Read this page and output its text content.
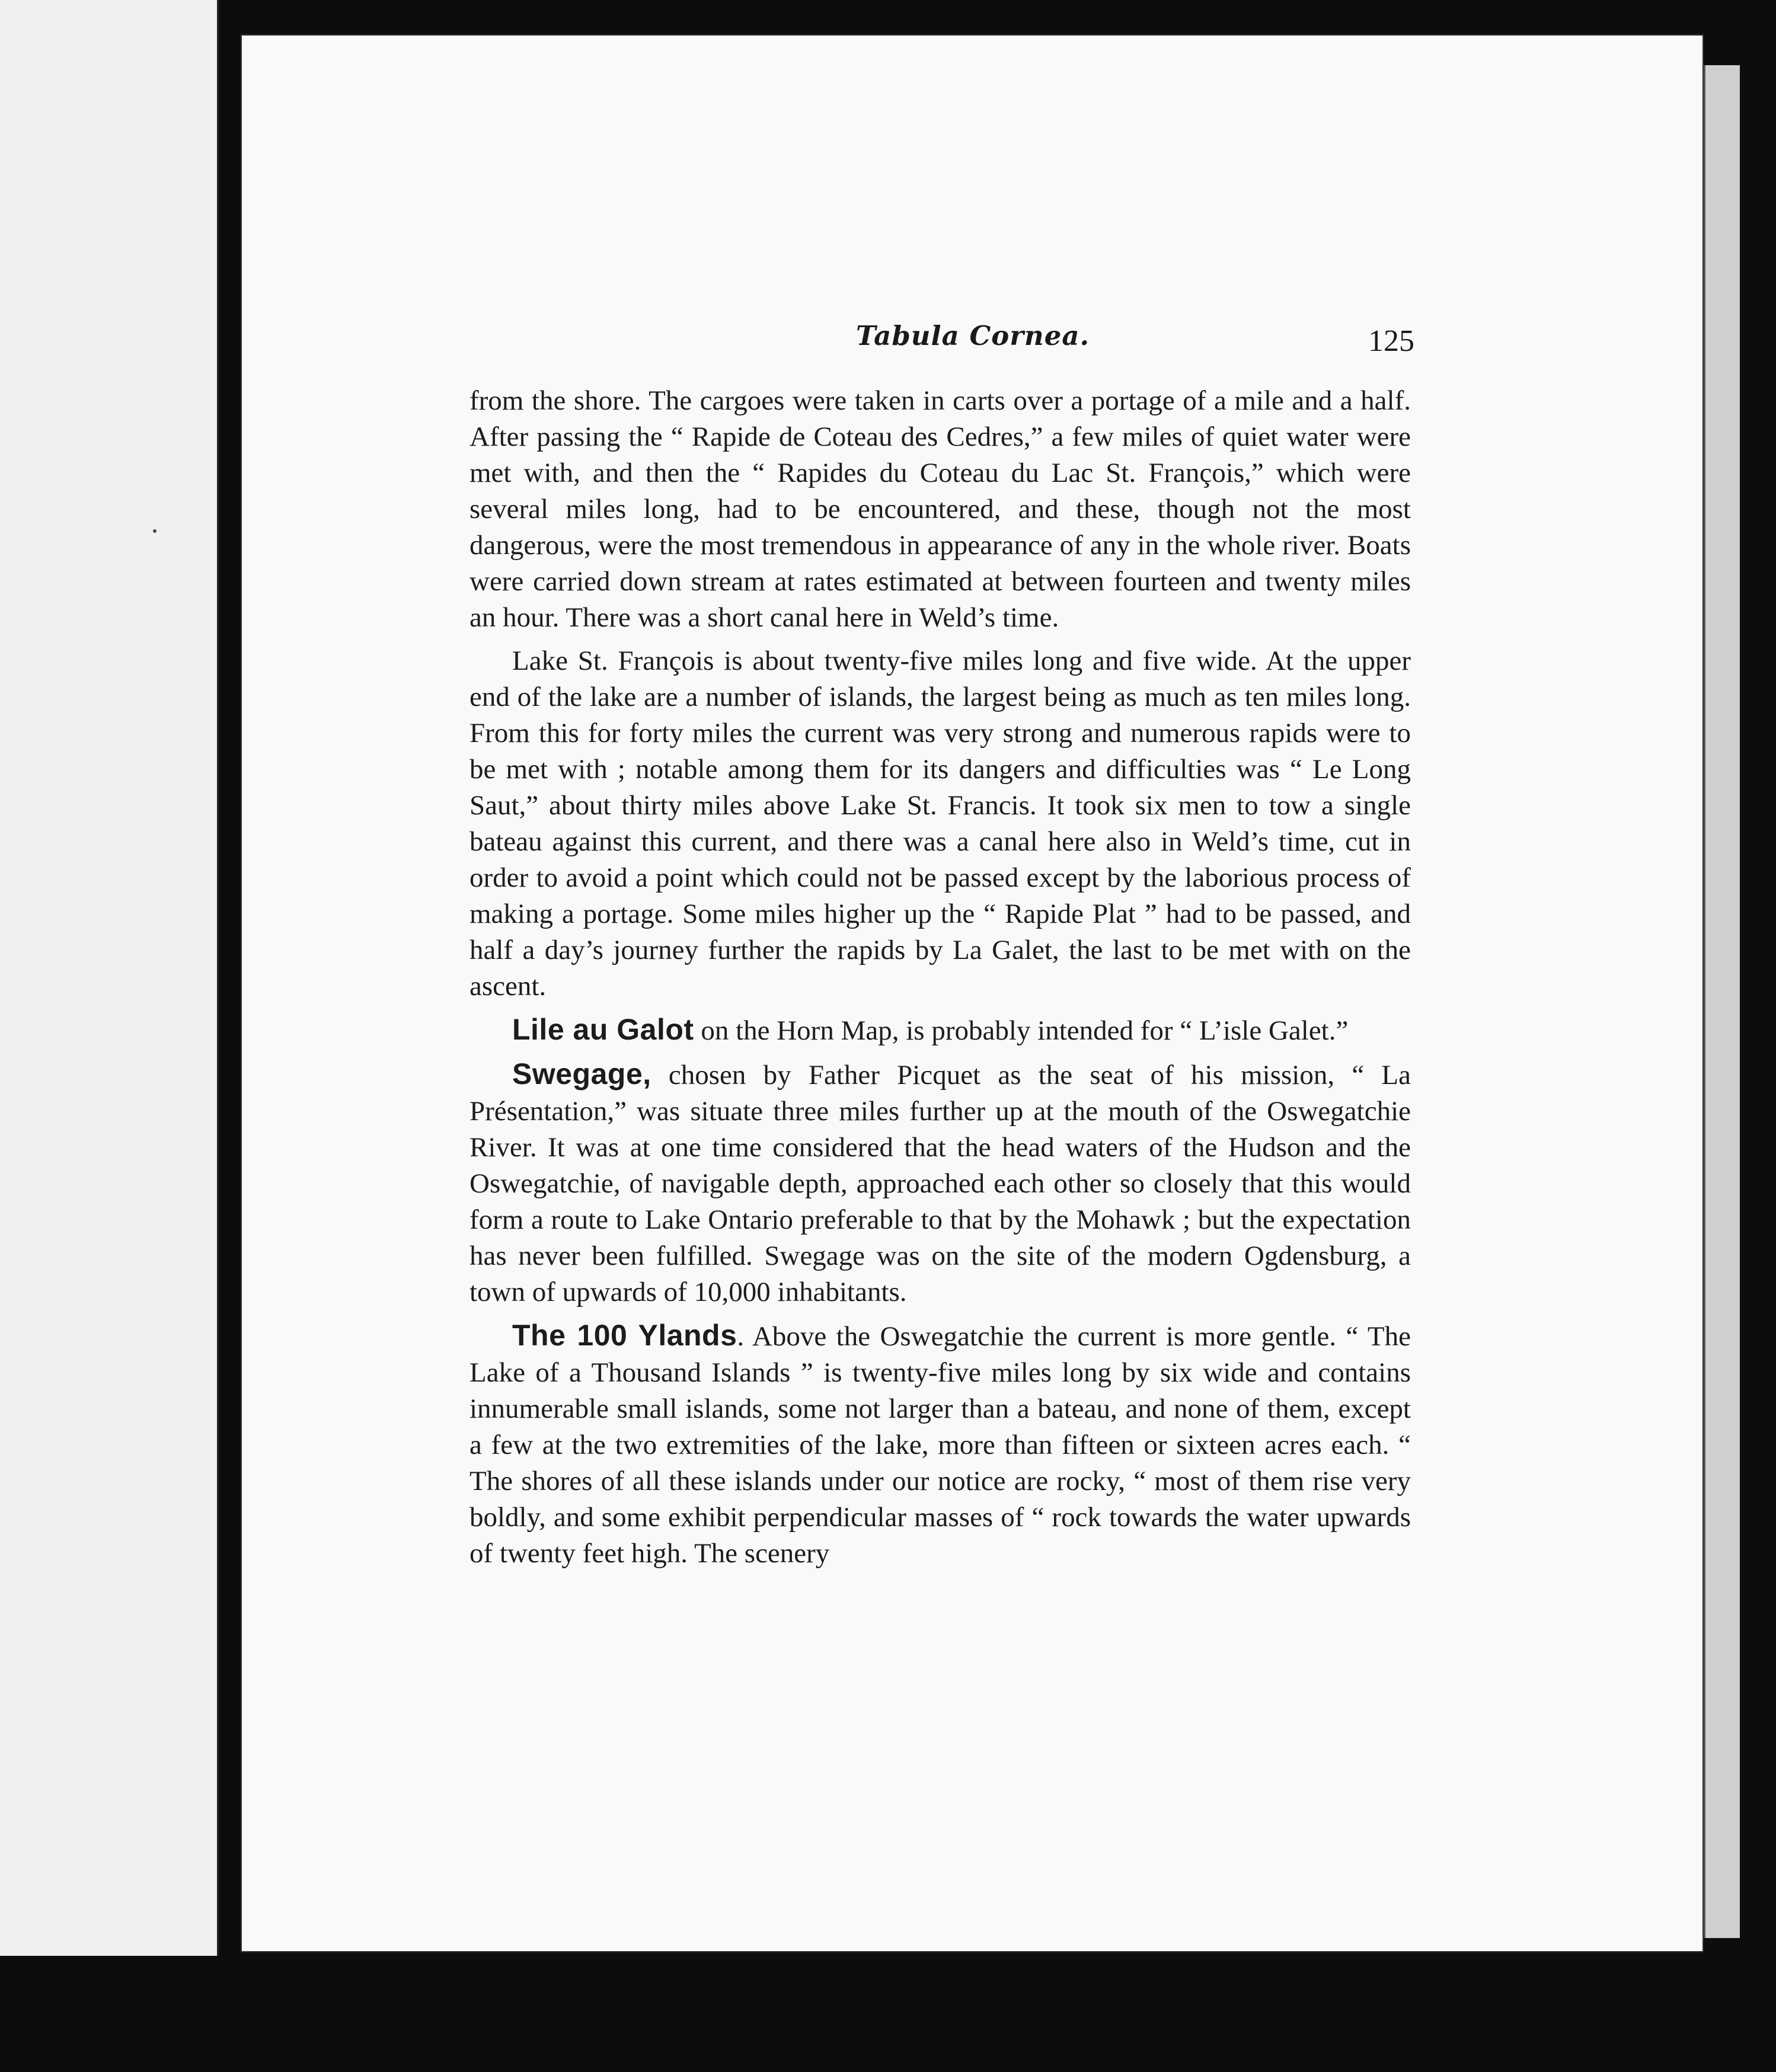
Tabula Cornea.	125

from the shore. The cargoes were taken in carts over a portage of a mile and a half. After passing the “ Rapide de Coteau des Cedres,” a few miles of quiet water were met with, and then the “ Rapides du Coteau du Lac St. François,” which were several miles long, had to be encountered, and these, though not the most dangerous, were the most tremendous in appearance of any in the whole river. Boats were carried down stream at rates estimated at between fourteen and twenty miles an hour. There was a short canal here in Weld’s time.

Lake St. François is about twenty-five miles long and five wide. At the upper end of the lake are a number of islands, the largest being as much as ten miles long. From this for forty miles the current was very strong and numerous rapids were to be met with ; notable among them for its dangers and difficulties was “ Le Long Saut,” about thirty miles above Lake St. Francis. It took six men to tow a single bateau against this current, and there was a canal here also in Weld’s time, cut in order to avoid a point which could not be passed except by the laborious process of making a portage. Some miles higher up the “ Rapide Plat ” had to be passed, and half a day’s journey further the rapids by La Galet, the last to be met with on the ascent.

Lile au Galot on the Horn Map, is probably intended for “ L’isle Galet.”

Swegage, chosen by Father Picquet as the seat of his mission, “ La Présentation,” was situate three miles further up at the mouth of the Oswegatchie River. It was at one time considered that the head waters of the Hudson and the Oswegatchie, of navigable depth, approached each other so closely that this would form a route to Lake Ontario preferable to that by the Mohawk ; but the expectation has never been fulfilled. Swegage was on the site of the modern Ogdensburg, a town of upwards of 10,000 inhabitants.

The 100 Ylands. Above the Oswegatchie the current is more gentle. “ The Lake of a Thousand Islands ” is twenty-five miles long by six wide and contains innumerable small islands, some not larger than a bateau, and none of them, except a few at the two extremities of the lake, more than fifteen or sixteen acres each. “ The shores of all these islands under our notice are rocky, “ most of them rise very boldly, and some exhibit perpendicular masses of “ rock towards the water upwards of twenty feet high. The scenery
